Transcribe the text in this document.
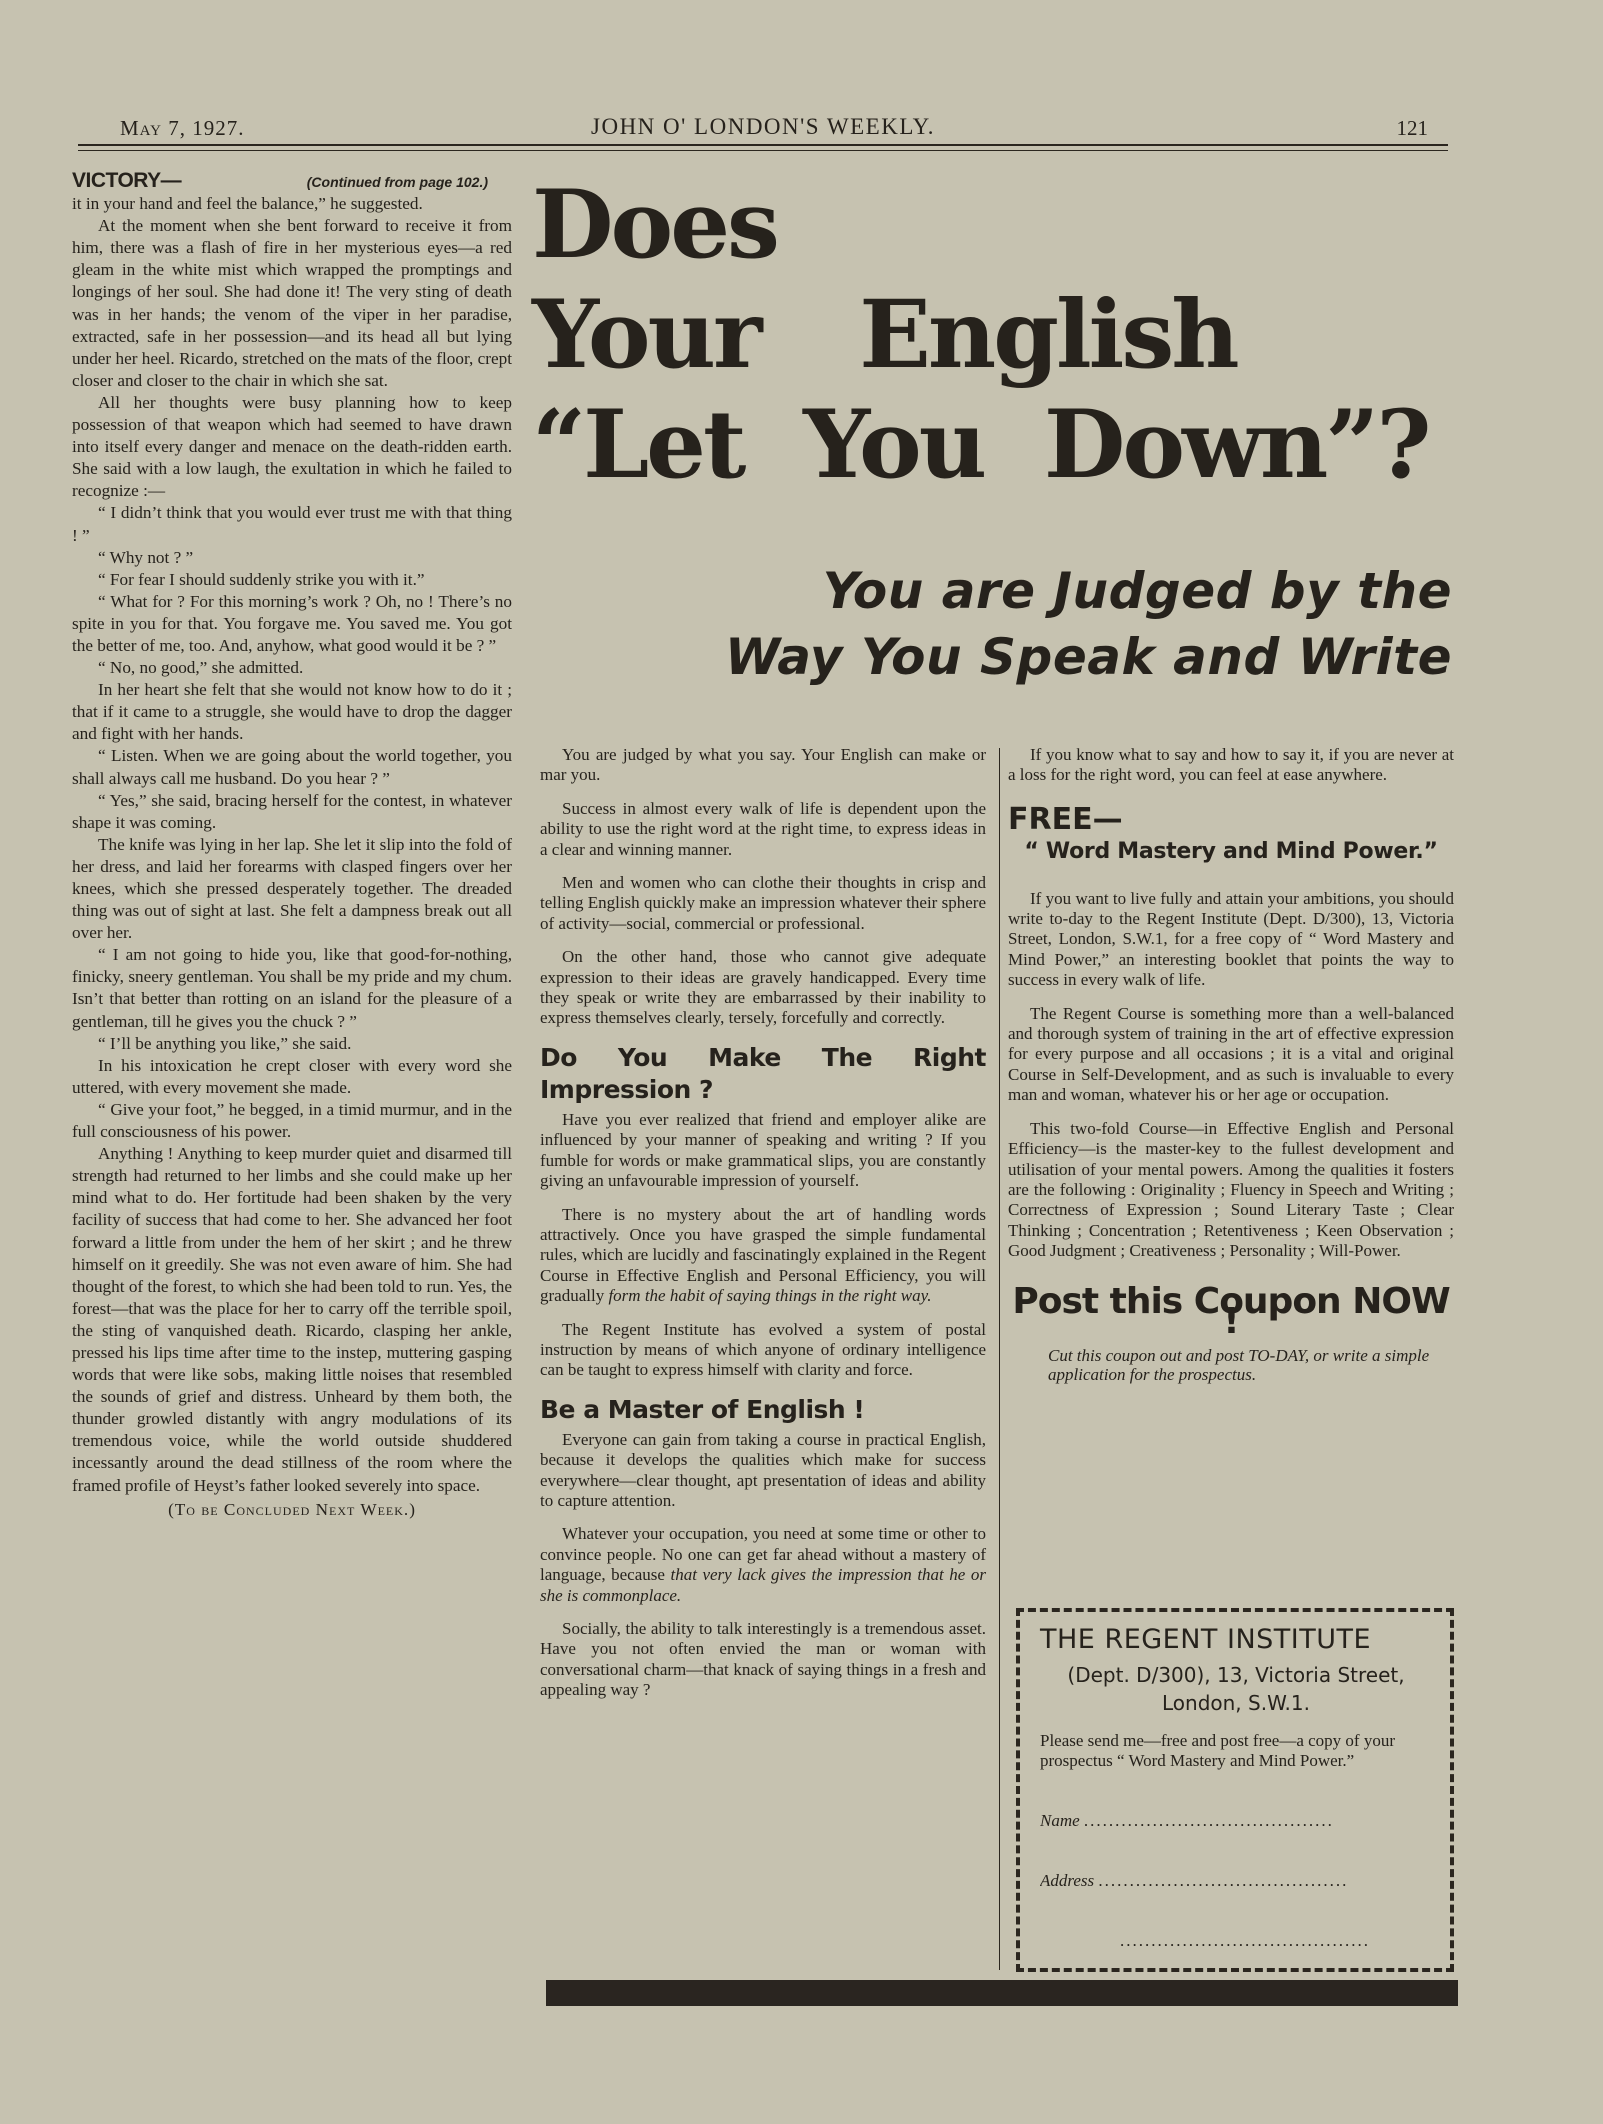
May 7, 1927.	JOHN O' LONDON'S WEEKLY.	121
VICTORY—	(Continued from page 102.)

it in your hand and feel the balance,” he suggested.

At the moment when she bent forward to receive it from him, there was a flash of fire in her mysterious eyes—a red gleam in the white mist which wrapped the promptings and longings of her soul. She had done it! The very sting of death was in her hands; the venom of the viper in her paradise, extracted, safe in her possession—and its head all but lying under her heel. Ricardo, stretched on the mats of the floor, crept closer and closer to the chair in which she sat.

All her thoughts were busy planning how to keep possession of that weapon which had seemed to have drawn into itself every danger and menace on the death-ridden earth. She said with a low laugh, the exultation in which he failed to recognize :—

“ I didn’t think that you would ever trust me with that thing ! ”

“ Why not ? ”

“ For fear I should suddenly strike you with it.”

“ What for ? For this morning’s work ? Oh, no ! There’s no spite in you for that. You forgave me. You saved me. You got the better of me, too. And, anyhow, what good would it be ? ”

“ No, no good,” she admitted.

In her heart she felt that she would not know how to do it ; that if it came to a struggle, she would have to drop the dagger and fight with her hands.

“ Listen. When we are going about the world together, you shall always call me husband. Do you hear ? ”

“ Yes,” she said, bracing herself for the contest, in whatever shape it was coming.

The knife was lying in her lap. She let it slip into the fold of her dress, and laid her forearms with clasped fingers over her knees, which she pressed desperately together. The dreaded thing was out of sight at last. She felt a dampness break out all over her.

“ I am not going to hide you, like that good-for-nothing, finicky, sneery gentleman. You shall be my pride and my chum. Isn’t that better than rotting on an island for the pleasure of a gentleman, till he gives you the chuck ? ”

“ I’ll be anything you like,” she said.

In his intoxication he crept closer with every word she uttered, with every movement she made.

“ Give your foot,” he begged, in a timid murmur, and in the full consciousness of his power.

Anything ! Anything to keep murder quiet and disarmed till strength had returned to her limbs and she could make up her mind what to do. Her fortitude had been shaken by the very facility of success that had come to her. She advanced her foot forward a little from under the hem of her skirt ; and he threw himself on it greedily. She was not even aware of him. She had thought of the forest, to which she had been told to run. Yes, the forest—that was the place for her to carry off the terrible spoil, the sting of vanquished death. Ricardo, clasping her ankle, pressed his lips time after time to the instep, muttering gasping words that were like sobs, making little noises that resembled the sounds of grief and distress. Unheard by them both, the thunder growled distantly with angry modulations of its tremendous voice, while the world outside shuddered incessantly around the dead stillness of the room where the framed profile of Heyst’s father looked severely into space.

(To be Concluded Next Week.)

Does
Your English
“Let You Down”?
You are Judged by the
Way You Speak and Write

You are judged by what you say. Your English can make or mar you.

Success in almost every walk of life is dependent upon the ability to use the right word at the right time, to express ideas in a clear and winning manner.

Men and women who can clothe their thoughts in crisp and telling English quickly make an impression whatever their sphere of activity—social, commercial or professional.

On the other hand, those who cannot give adequate expression to their ideas are gravely handicapped. Every time they speak or write they are embarrassed by their inability to express themselves clearly, tersely, forcefully and correctly.

Do You Make The Right Impression ?

Have you ever realized that friend and employer alike are influenced by your manner of speaking and writing ? If you fumble for words or make grammatical slips, you are constantly giving an unfavourable impression of yourself.

There is no mystery about the art of handling words attractively. Once you have grasped the simple fundamental rules, which are lucidly and fascinatingly explained in the Regent Course in Effective English and Personal Efficiency, you will gradually form the habit of saying things in the right way.

The Regent Institute has evolved a system of postal instruction by means of which anyone of ordinary intelligence can be taught to express himself with clarity and force.

Be a Master of English !

Everyone can gain from taking a course in practical English, because it develops the qualities which make for success everywhere—clear thought, apt presentation of ideas and ability to capture attention.

Whatever your occupation, you need at some time or other to convince people. No one can get far ahead without a mastery of language, because that very lack gives the impression that he or she is commonplace.

Socially, the ability to talk interestingly is a tremendous asset. Have you not often envied the man or woman with conversational charm—that knack of saying things in a fresh and appealing way ?

If you know what to say and how to say it, if you are never at a loss for the right word, you can feel at ease anywhere.

FREE—
“ Word Mastery and Mind Power.”

If you want to live fully and attain your ambitions, you should write to-day to the Regent Institute (Dept. D/300), 13, Victoria Street, London, S.W.1, for a free copy of “ Word Mastery and Mind Power,” an interesting booklet that points the way to success in every walk of life.

The Regent Course is something more than a well-balanced and thorough system of training in the art of effective expression for every purpose and all occasions ; it is a vital and original Course in Self-Development, and as such is invaluable to every man and woman, whatever his or her age or occupation.

This two-fold Course—in Effective English and Personal Efficiency—is the master-key to the fullest development and utilisation of your mental powers. Among the qualities it fosters are the following : Originality ; Fluency in Speech and Writing ; Correctness of Expression ; Sound Literary Taste ; Clear Thinking ; Concentration ; Retentiveness ; Keen Observation ; Good Judgment ; Creativeness ; Personality ; Will-Power.

Post this Coupon NOW !

Cut this coupon out and post TO-DAY, or write a simple application for the prospectus.

THE REGENT INSTITUTE
(Dept. D/300), 13, Victoria Street,
London, S.W.1.
Please send me—free and post free—a copy of your prospectus “ Word Mastery and Mind Power.”
Name ........................................
Address ........................................
........................................
